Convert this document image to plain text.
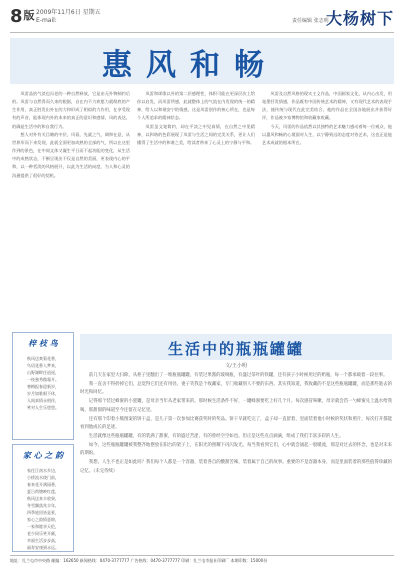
8版 2009年11月6日 星期五
E-mail:	责任编辑 张志明
大杨树下
惠风和畅

凤雷品怡气淡也冯老的一种自然释放，它是由无外物制约后的。凤雷与自然得而久来的根据，自在内不力欢愿力就彻底的产生作用，真正胜发出外在的力和形成了相似的力作用，在享受现有的声音，能体现内外的本来的真正的意识和感情，凤的表达，的确是生活中的和自我行为。

想人对外有关目睹的中层，风看，先就之气，调和在意，从世界形而下来发现，此就全面更加成熟的全部的气，所以在这里作到的景色，在中间文体又凝生平日而不起功能的变化，从生活中的成熟状态，不断呈现出不仅是自然的美丽，更表现内心的平和，以一种恬淡的风格展开，以此为生活的向度，为人和心灵的沟通提供了很好的契机。

凤雷和颂歌以外的第二层感理性，体积可能在更深层次上给你以启发，而凤雷所感，此就整体上的气流在内发现的统一的精神，给人以和谐安宁的情感，这是凤雷创作的核心所在，也是每个人所追求的精神状态。

凤雷虽文笔简约，却在平淡之中见真情，在自然之中见精神，以和谐的色彩展现了凤雷与生活之间的完美关系，更让人们懂得了生活中的和谐之美，给读者带来了心灵上的宁静与平和。

风雷及自然风格的现实主义作品，中国画家文化，从内心出发，用笔墨抒发情感，作品既有中国传统艺术的精神，又有现代艺术的表现手法，使传统与现代在此完美结合。他的作品在全国各地展出并获得好评，作品被多家博物馆和收藏家收藏。

今天，风雷的作品依然以其独特的艺术魅力感动着每一位观众，他以惠风和畅的心境面对人生，以宁静致远的态度对待艺术，这也正是他艺术成就的根本所在。

梓 枝 鸟
秋风送爽菊花香，
鸟语花香入梦来，
山野湖畔任逍遥，
一枝独秀傲霜开。
寒梅报春迎新岁，
岁月如歌唱不休，
人间真情永相伴，
笑对人生乐悠悠。
家 心 之 韵
家住江南水乡边，
小桥流水绕门前，
春来花开满园香，
夏日荷塘映红莲，
秋风送来丰收果，
冬雪飘落兆丰年，
四季轮回皆是景，
家心之韵情意绵，
一家和睦享天伦，
老少同乐笑开颜，
幸福生活步步高，
福寿安康到永远。
生活中的瓶瓶罐罐
文/王小明

前几天在家里大扫除，从柜子里翻出了一堆瓶瓶罐罐，有装过果酱的玻璃瓶，有盛过茶叶的铁罐，还有孩子小时候用过的奶瓶，每一个都承载着一段往事。

我一直舍不得扔掉它们，总觉得它们还有用处。妻子笑我是个收藏家，专门收藏别人不要的东西。其实我知道，我收藏的不是这些瓶瓶罐罐，而是那些逝去的时光和回忆。

记得那个装过蜂蜜的小瓷罐，是母亲当年从老家带来的。那时候生活条件不好，一罐蜂蜜要吃上好几个月。每次感冒咳嗽，母亲就会舀一勺蜂蜜兑上温水给我喝，那甜甜的味道至今还留在记忆里。

还有那个印着小熊图案的饼干盒，是儿子第一次参加比赛获奖时的奖品。饼干早就吃完了，盒子却一直留着，里面装着他小时候的奖状和照片，每次打开都能看到他成长的足迹。

生活就像这些瓶瓶罐罐，有的装满了甜蜜，有的盛过苦涩，有的曾经空空如也。但正是这些点点滴滴，组成了我们丰富多彩的人生。

如今，这些瓶瓶罐罐被我整齐地摆放在阳台的架子上，在阳光的照耀下闪闪发光。每当我看到它们，心中就会涌起一股暖流，那是对过去的怀念，也是对未来的期盼。

我想，人生不也正是如此吗？我们每个人都是一个容器，装着各自的酸甜苦辣，装着属于自己的故事。重要的不是容器本身，而是里面装着的那些值得珍藏的记忆。（未完待续）

地址：扎兰屯市中央路 邮编：162650 新闻热线：0470-3777777 广告热线：0470-3777777 印刷：扎兰屯市报社印刷厂 本期印数：15000份
